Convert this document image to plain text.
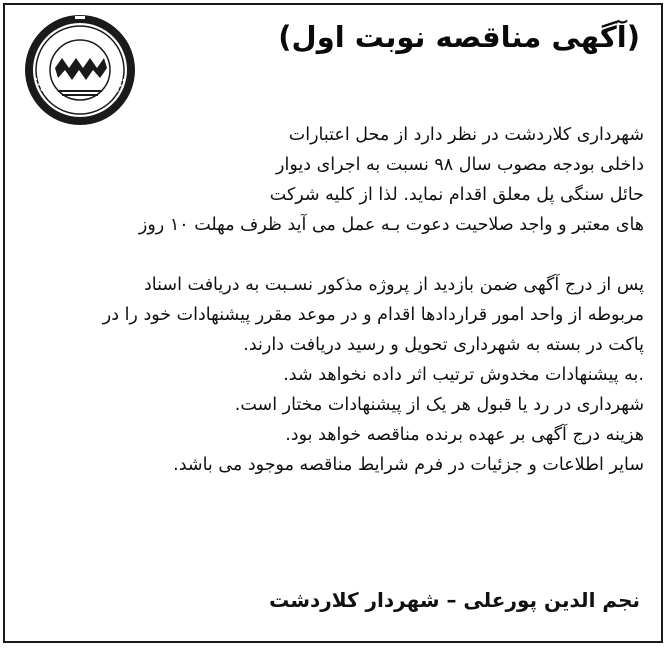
(آگهی مناقصه نوبت اول)
شهرداری کلاردشت در نظر دارد از محل اعتبارات
داخلی بودجه مصوب سال ۹۸ نسبت به اجرای دیوار
حائل سنگی پل معلق اقدام نماید. لذا از کلیه شرکت
های معتبر و واجد صلاحیت دعوت بـه عمل می آید ظرف مهلت ۱۰ روز
پس از درج آگهی ضمن بازدید از پروژه مذکور نسـبت به دریافت اسناد
مربوطه از واحد امور قراردادها اقدام و در موعد مقرر پیشنهادات خود را در
پاکت در بسته به شهرداری تحویل و رسید دریافت دارند.
.به پیشنهادات مخدوش ترتیب اثر داده نخواهد شد.
شهرداری در رد یا قبول هر یک از پیشنهادات مختار است.
هزینه درج آگهی بر عهده برنده مناقصه خواهد بود.
سایر اطلاعات و جزئیات در فرم شرایط مناقصه موجود می باشد.
نجم الدین پورعلی – شهردار کلاردشت
